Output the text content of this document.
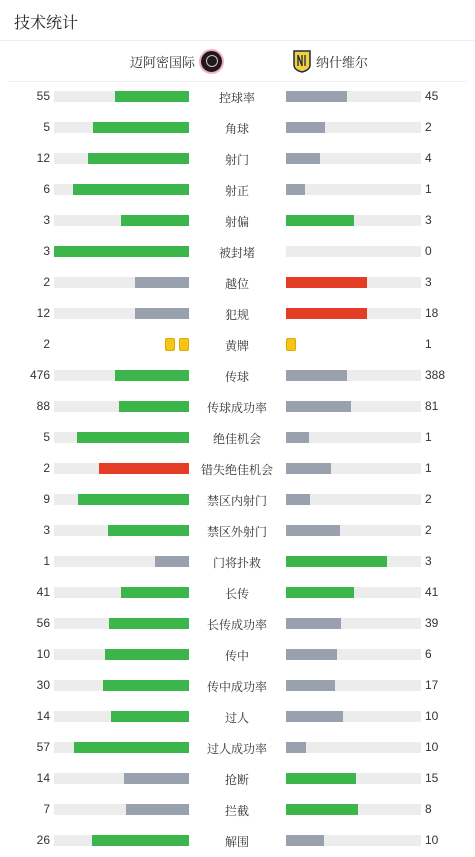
技术统计
迈阿密国际	纳什维尔
55	控球率	45
5	角球	2
12	射门	4
6	射正	1
3	射偏	3
3	被封堵	0
2	越位	3
12	犯规	18
2	黄牌	1
476	传球	388
88	传球成功率	81
5	绝佳机会	1
2	错失绝佳机会	1
9	禁区内射门	2
3	禁区外射门	2
1	门将扑救	3
41	长传	41
56	长传成功率	39
10	传中	6
30	传中成功率	17
14	过人	10
57	过人成功率	10
14	抢断	15
7	拦截	8
26	解围	10
